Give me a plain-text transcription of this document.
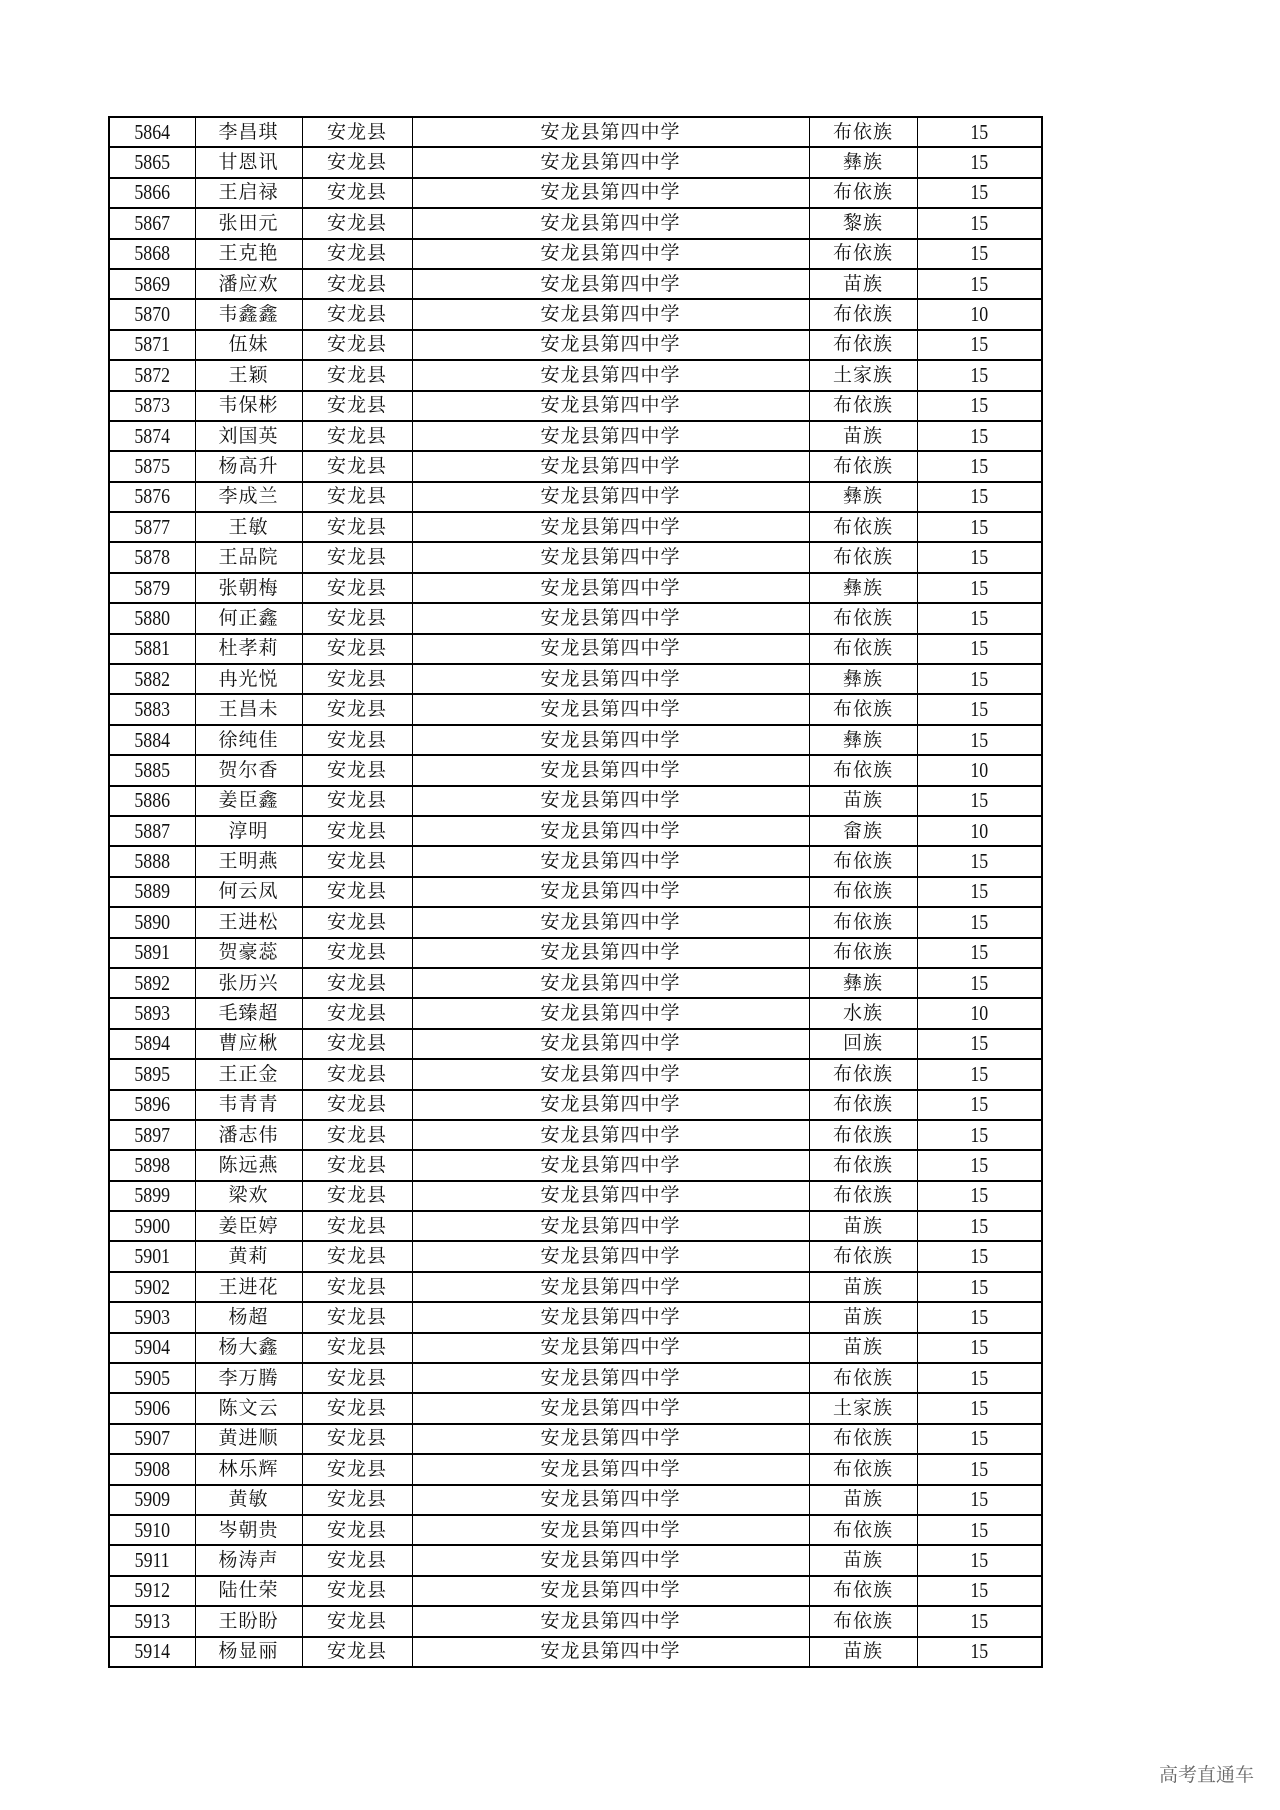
5864	李昌琪	安龙县	安龙县第四中学	布依族	15
5865	甘恩讯	安龙县	安龙县第四中学	彝族	15
5866	王启禄	安龙县	安龙县第四中学	布依族	15
5867	张田元	安龙县	安龙县第四中学	黎族	15
5868	王克艳	安龙县	安龙县第四中学	布依族	15
5869	潘应欢	安龙县	安龙县第四中学	苗族	15
5870	韦鑫鑫	安龙县	安龙县第四中学	布依族	10
5871	伍妹	安龙县	安龙县第四中学	布依族	15
5872	王颖	安龙县	安龙县第四中学	土家族	15
5873	韦保彬	安龙县	安龙县第四中学	布依族	15
5874	刘国英	安龙县	安龙县第四中学	苗族	15
5875	杨高升	安龙县	安龙县第四中学	布依族	15
5876	李成兰	安龙县	安龙县第四中学	彝族	15
5877	王敏	安龙县	安龙县第四中学	布依族	15
5878	王品院	安龙县	安龙县第四中学	布依族	15
5879	张朝梅	安龙县	安龙县第四中学	彝族	15
5880	何正鑫	安龙县	安龙县第四中学	布依族	15
5881	杜孝莉	安龙县	安龙县第四中学	布依族	15
5882	冉光悦	安龙县	安龙县第四中学	彝族	15
5883	王昌未	安龙县	安龙县第四中学	布依族	15
5884	徐纯佳	安龙县	安龙县第四中学	彝族	15
5885	贺尔香	安龙县	安龙县第四中学	布依族	10
5886	姜臣鑫	安龙县	安龙县第四中学	苗族	15
5887	淳明	安龙县	安龙县第四中学	畲族	10
5888	王明燕	安龙县	安龙县第四中学	布依族	15
5889	何云凤	安龙县	安龙县第四中学	布依族	15
5890	王进松	安龙县	安龙县第四中学	布依族	15
5891	贺豪蕊	安龙县	安龙县第四中学	布依族	15
5892	张历兴	安龙县	安龙县第四中学	彝族	15
5893	毛臻超	安龙县	安龙县第四中学	水族	10
5894	曹应楸	安龙县	安龙县第四中学	回族	15
5895	王正金	安龙县	安龙县第四中学	布依族	15
5896	韦青青	安龙县	安龙县第四中学	布依族	15
5897	潘志伟	安龙县	安龙县第四中学	布依族	15
5898	陈远燕	安龙县	安龙县第四中学	布依族	15
5899	梁欢	安龙县	安龙县第四中学	布依族	15
5900	姜臣婷	安龙县	安龙县第四中学	苗族	15
5901	黄莉	安龙县	安龙县第四中学	布依族	15
5902	王进花	安龙县	安龙县第四中学	苗族	15
5903	杨超	安龙县	安龙县第四中学	苗族	15
5904	杨大鑫	安龙县	安龙县第四中学	苗族	15
5905	李万腾	安龙县	安龙县第四中学	布依族	15
5906	陈文云	安龙县	安龙县第四中学	土家族	15
5907	黄进顺	安龙县	安龙县第四中学	布依族	15
5908	林乐辉	安龙县	安龙县第四中学	布依族	15
5909	黄敏	安龙县	安龙县第四中学	苗族	15
5910	岑朝贵	安龙县	安龙县第四中学	布依族	15
5911	杨涛声	安龙县	安龙县第四中学	苗族	15
5912	陆仕荣	安龙县	安龙县第四中学	布依族	15
5913	王盼盼	安龙县	安龙县第四中学	布依族	15
5914	杨显丽	安龙县	安龙县第四中学	苗族	15
高考直通车
